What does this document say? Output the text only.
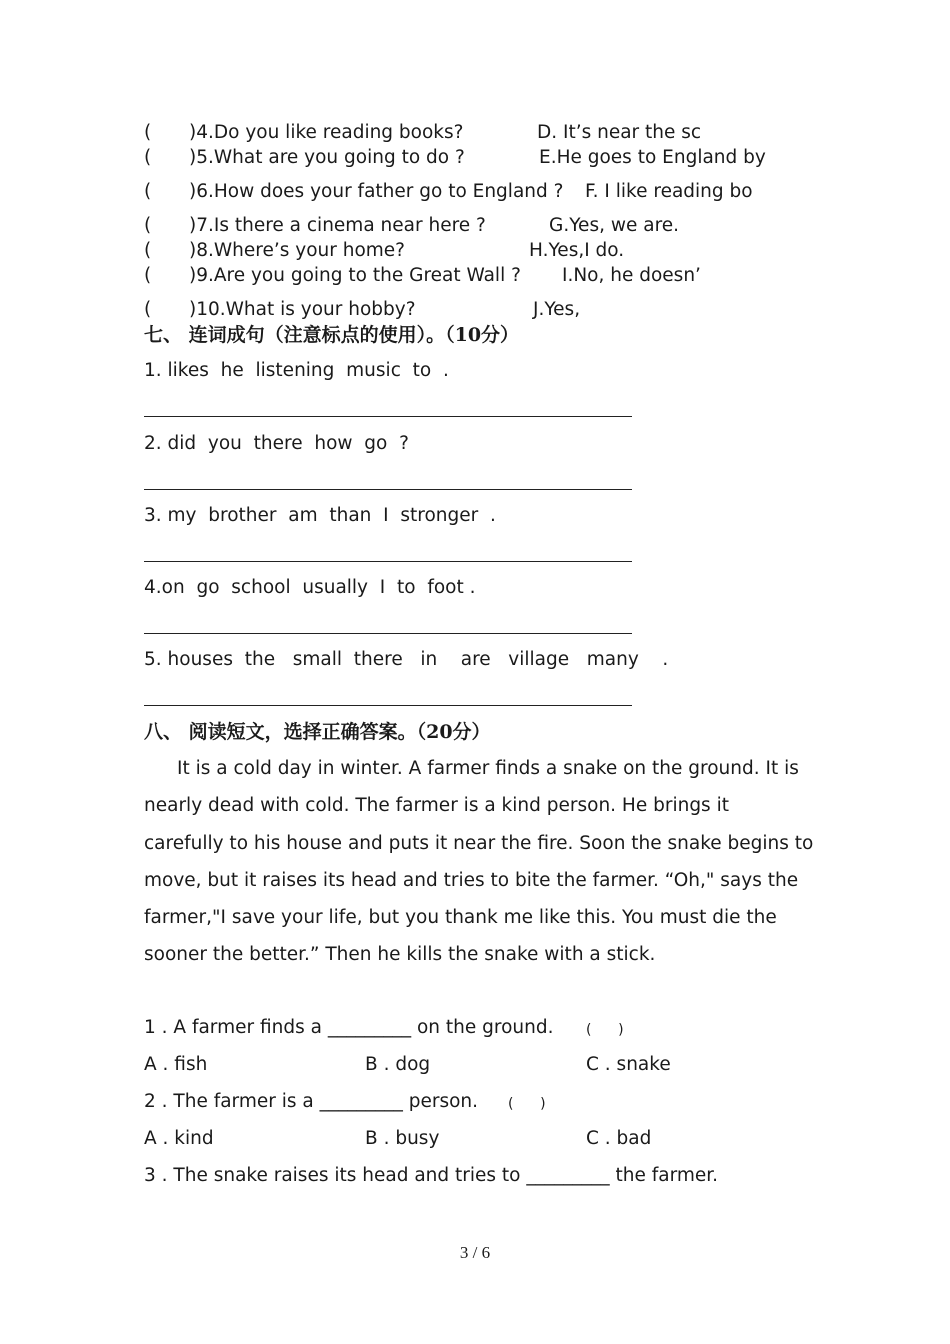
( )4.Do you like reading books?	D. It’s near the sc
( )5.What are you going to do ?	E.He goes to England by
( )6.How does your father go to England ? F. I like reading bo
( )7.Is there a cinema near here ?	G.Yes, we are.
( )8.Where’s your home?	H.Yes,I do.
( )9.Are you going to the Great Wall ? I.No, he doesn’
( )10.What is your hobby?	J.Yes,
七、 连词成句（注意标点的使用）。（10分）
1. likes  he  listening  music  to  .
2. did  you  there  how  go  ?
3. my  brother  am  than  I  stronger  .
4.on  go  school  usually  I  to  foot .
5. houses  the   small  there   in    are   village   many    .
八、 阅读短文，选择正确答案。（20分）

It is a cold day in winter. A farmer finds a snake on the ground. It is nearly dead with cold. The farmer is a kind person. He brings it carefully to his house and puts it near the fire. Soon the snake begins to move, but it raises its head and tries to bite the farmer. “Oh," says the farmer,"I save your life, but you thank me like this. You must die the sooner the better.” Then he kills the snake with a stick.

1 . A farmer finds a _________ on the ground. (      )
A . fish	B . dog	C . snake
2 . The farmer is a _________ person. (      )
A . kind	B . busy	C . bad
3 . The snake raises its head and tries to _________ the farmer.
3 / 6
